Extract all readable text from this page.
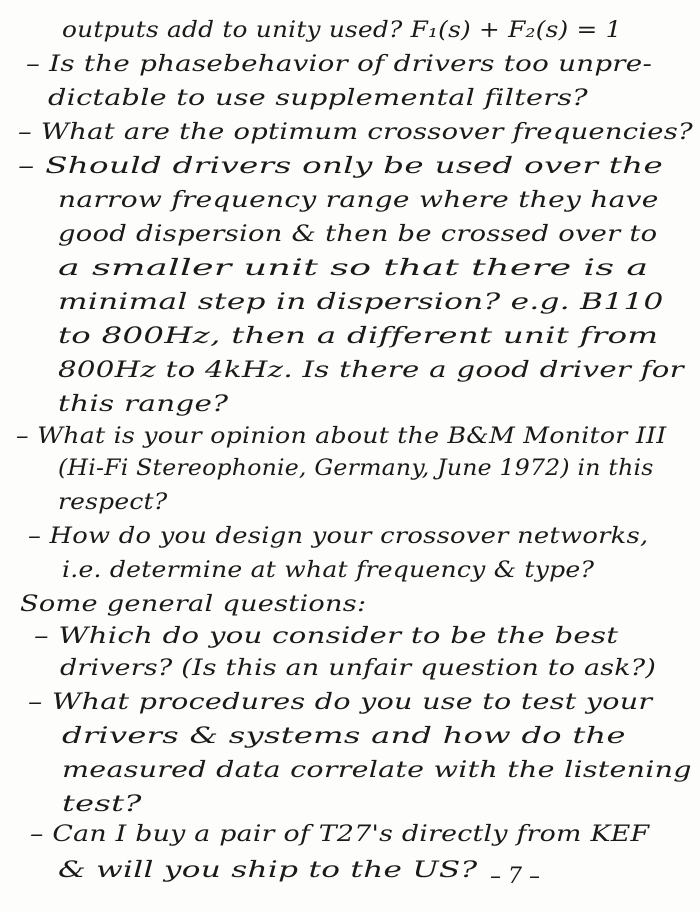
outputs add to unity used? F₁(s) + F₂(s) = 1
– Is the phasebehavior of drivers too unpre-
dictable to use supplemental filters?
– What are the optimum crossover frequencies?
– Should drivers only be used over the
narrow frequency range where they have
good dispersion & then be crossed over to
a smaller unit so that there is a
minimal step in dispersion? e.g. B110
to 800Hz, then a different unit from
800Hz to 4kHz. Is there a good driver for
this range?
– What is your opinion about the B&M Monitor III
(Hi-Fi Stereophonie, Germany, June 1972) in this
respect?
– How do you design your crossover networks,
i.e. determine at what frequency & type?
Some general questions:
– Which do you consider to be the best
drivers? (Is this an unfair question to ask?)
– What procedures do you use to test your
drivers & systems and how do the
measured data correlate with the listening
test?
– Can I buy a pair of T27's directly from KEF
& will you ship to the US? – 7 –
